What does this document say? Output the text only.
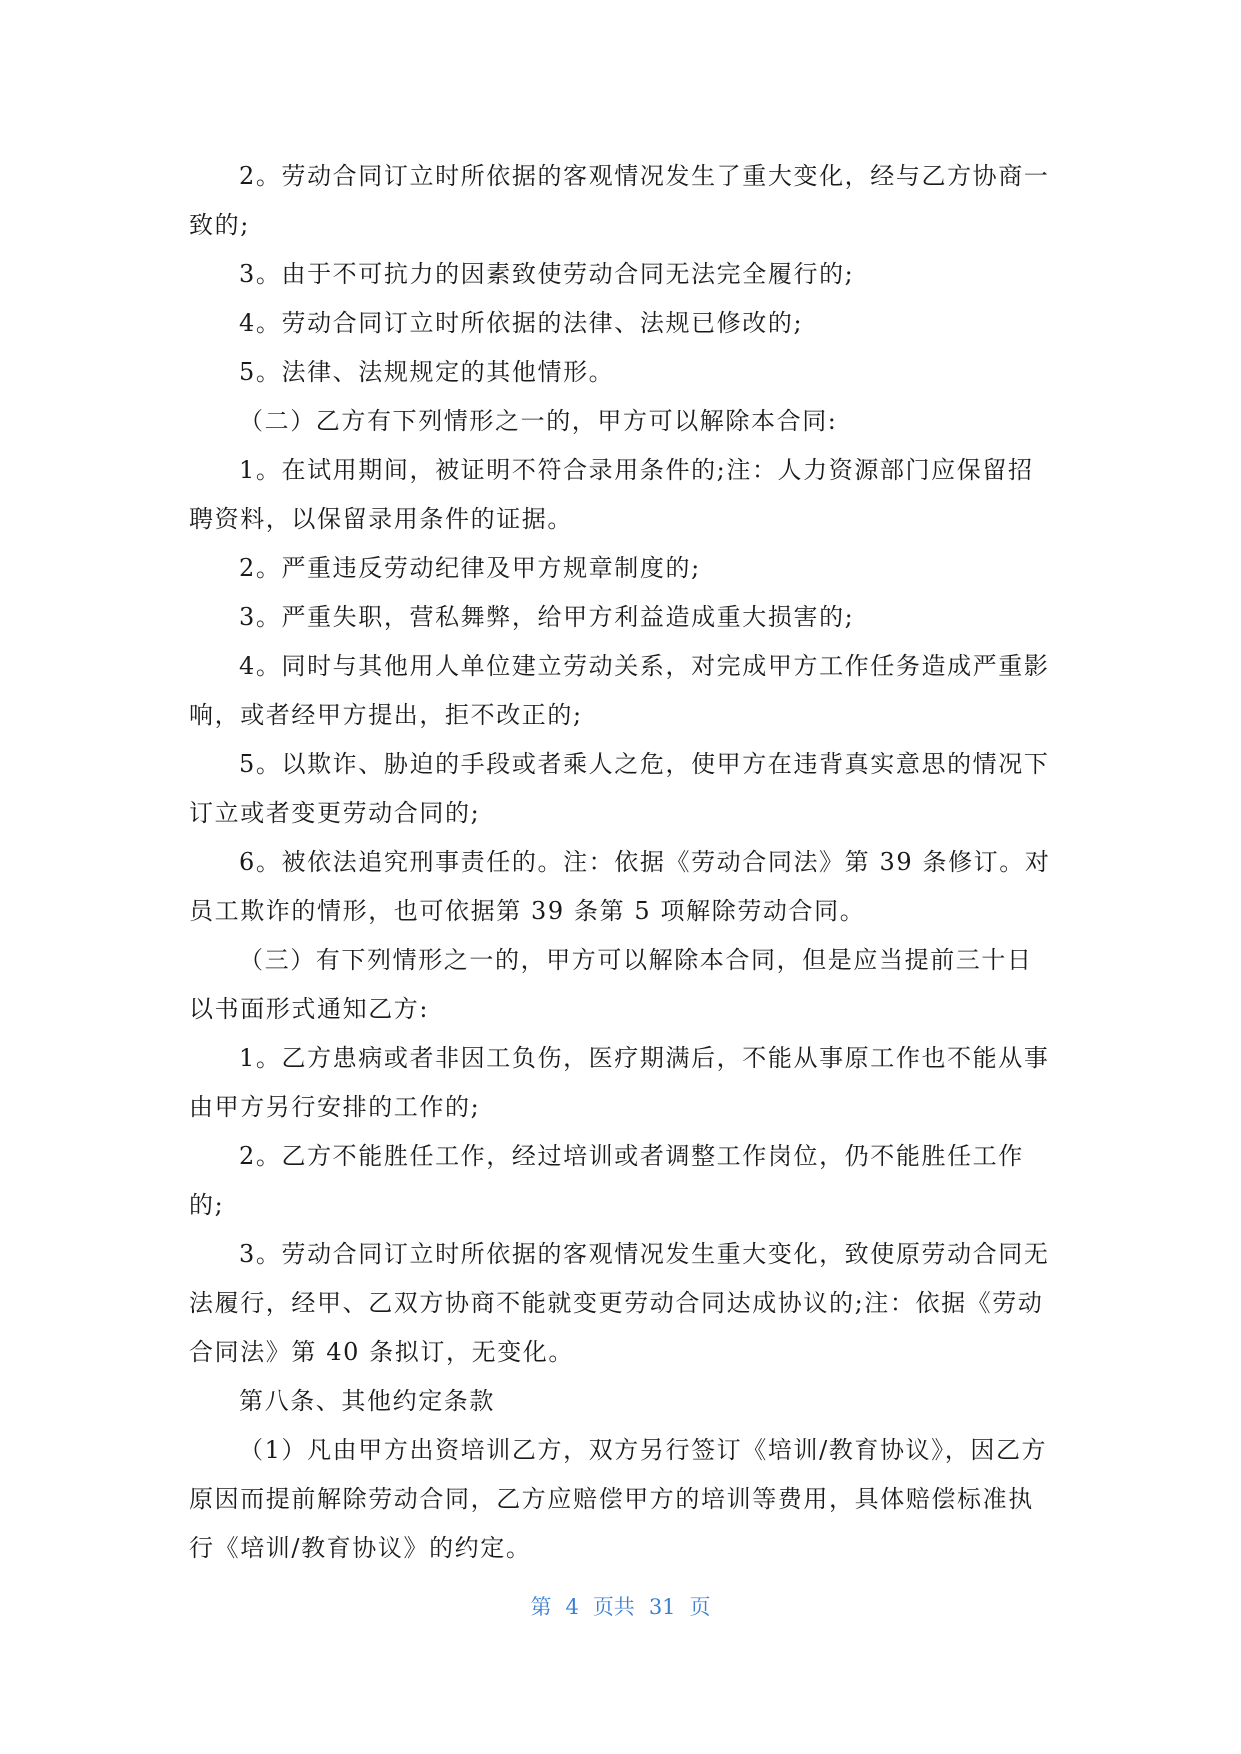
2。劳动合同订立时所依据的客观情况发生了重大变化，经与乙方协商一致的;

3。由于不可抗力的因素致使劳动合同无法完全履行的;

4。劳动合同订立时所依据的法律、法规已修改的;

5。法律、法规规定的其他情形。

（二）乙方有下列情形之一的，甲方可以解除本合同:

1。在试用期间，被证明不符合录用条件的;注：人力资源部门应保留招聘资料，以保留录用条件的证据。

2。严重违反劳动纪律及甲方规章制度的;

3。严重失职，营私舞弊，给甲方利益造成重大损害的;

4。同时与其他用人单位建立劳动关系，对完成甲方工作任务造成严重影响，或者经甲方提出，拒不改正的;

5。以欺诈、胁迫的手段或者乘人之危，使甲方在违背真实意思的情况下订立或者变更劳动合同的;

6。被依法追究刑事责任的。注：依据《劳动合同法》第 39 条修订。对员工欺诈的情形，也可依据第 39 条第 5 项解除劳动合同。

（三）有下列情形之一的，甲方可以解除本合同，但是应当提前三十日以书面形式通知乙方:

1。乙方患病或者非因工负伤，医疗期满后，不能从事原工作也不能从事由甲方另行安排的工作的;

2。乙方不能胜任工作，经过培训或者调整工作岗位，仍不能胜任工作的;

3。劳动合同订立时所依据的客观情况发生重大变化，致使原劳动合同无法履行，经甲、乙双方协商不能就变更劳动合同达成协议的;注：依据《劳动合同法》第 40 条拟订，无变化。

第八条、其他约定条款

（1）凡由甲方出资培训乙方，双方另行签订《培训/教育协议》，因乙方原因而提前解除劳动合同，乙方应赔偿甲方的培训等费用，具体赔偿标准执行《培训/教育协议》的约定。

第 4 页共 31 页
